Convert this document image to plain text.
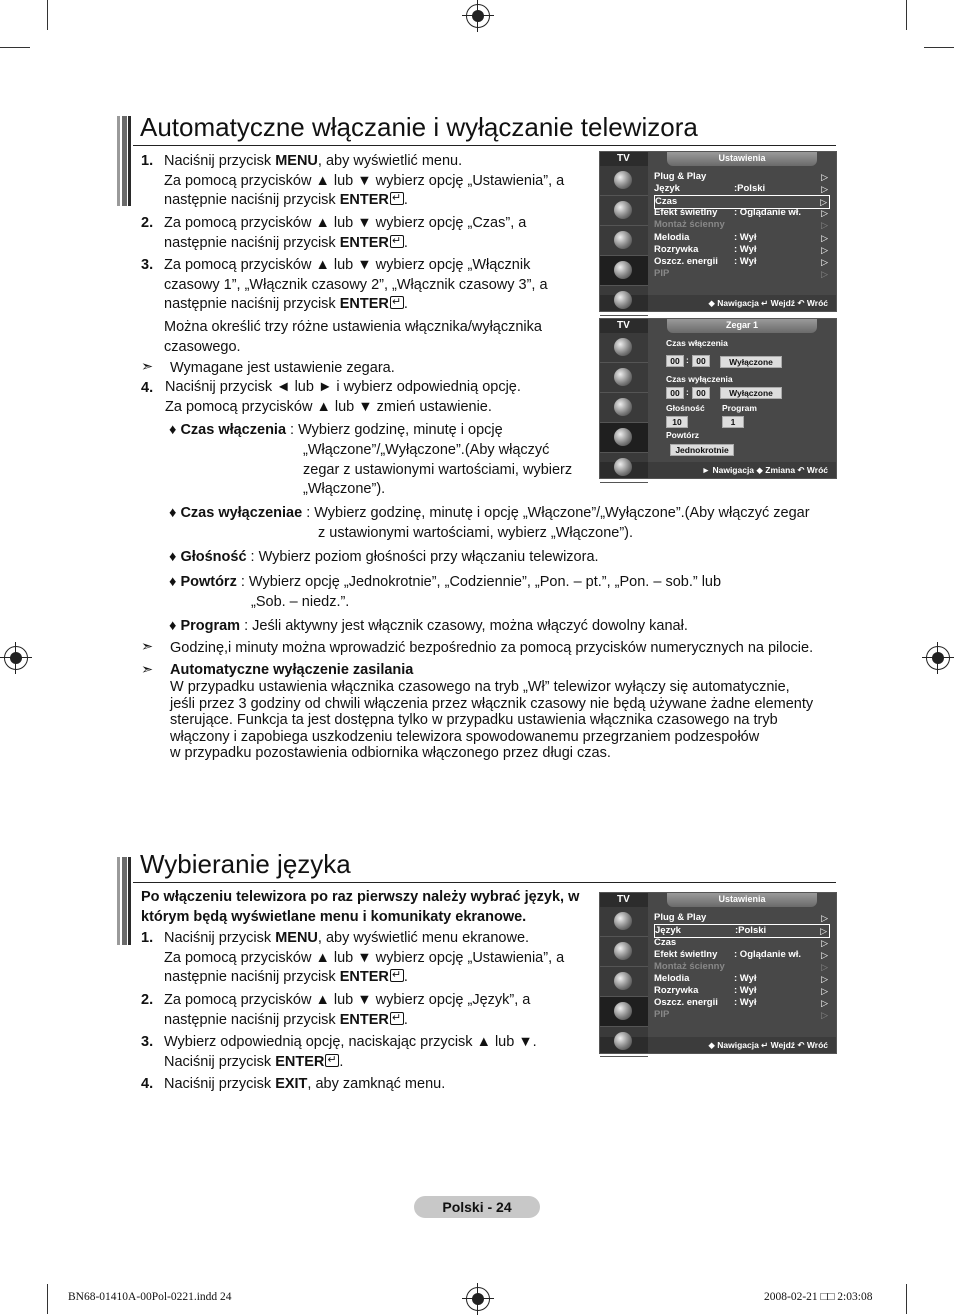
Automatyczne włączanie i wyłączanie telewizora
1. Naciśnij przycisk MENU, aby wyświetlić menu.
Za pomocą przycisków ▲ lub ▼ wybierz opcję „Ustawienia”, a
następnie naciśnij przycisk ENTER ↵ .
2. Za pomocą przycisków ▲ lub ▼ wybierz opcję „Czas”, a
następnie naciśnij przycisk ENTER ↵ .
3. Za pomocą przycisków ▲ lub ▼ wybierz opcję „Włącznik
czasowy 1”, „Włącznik czasowy 2”, „Włącznik czasowy 3”, a
następnie naciśnij przycisk ENTER ↵ .
Można określić trzy różne ustawienia włącznika/wyłącznika
czasowego.
➣ Wymagane jest ustawienie zegara.
4. Naciśnij przycisk ◄ lub ► i wybierz odpowiednią opcję.
Za pomocą przycisków ▲ lub ▼ zmień ustawienie.
♦ Czas włączenia : Wybierz godzinę, minutę i opcję
„Włączone”/„Wyłączone”.(Aby włączyć
zegar z ustawionymi wartościami, wybierz
„Włączone”).
♦ Czas wyłączeniae : Wybierz godzinę, minutę i opcję „Włączone”/„Wyłączone”.(Aby włączyć zegar
z ustawionymi wartościami, wybierz „Włączone”).
♦ Głośność : Wybierz poziom głośności przy włączaniu telewizora.
♦ Powtórz : Wybierz opcję „Jednokrotnie”, „Codziennie”, „Pon. – pt.”, „Pon. – sob.” lub
„Sob. – niedz.”.
♦ Program : Jeśli aktywny jest włącznik czasowy, można włączyć dowolny kanał.
➣ Godzinę,i minuty można wprowadzić bezpośrednio za pomocą przycisków numerycznych na pilocie.
➣ Automatyczne wyłączenie zasilania
W przypadku ustawienia włącznika czasowego na tryb „Wł” telewizor wyłączy się automatycznie,
jeśli przez 3 godziny od chwili włączenia przez włącznik czasowy nie będą używane żadne elementy
sterujące. Funkcja ta jest dostępna tylko w przypadku ustawienia włącznika czasowego na tryb
włączony i zapobiega uszkodzeniu telewizora spowodowanemu przegrzaniem podzespołów
w przypadku pozostawienia odbiornika włączonego przez długi czas.
TV	Ustawienia
Plug & Play	▷
Język	:Polski	▷
Czas	▷
Efekt świetlny : Oglądanie wł. ▷
Montaż ścienny	▷
Melodia	: Wył	▷
Rozrywka	: Wył	▷
Oszcz. energii : Wył	▷
PIP	▷
◆ Nawigacja ↵ Wejdź ↶ Wróć
TV	Zegar 1
Czas włączenia
00 : 00	Wyłączone
Czas wyłączenia
00 : 00	Wyłączone
Głośność Program
10	1
Powtórz
Jednokrotnie
► Nawigacja ◆ Zmiana ↶ Wróć
Wybieranie języka
Po włączeniu telewizora po raz pierwszy należy wybrać język, w
którym będą wyświetlane menu i komunikaty ekranowe.
1. Naciśnij przycisk MENU, aby wyświetlić menu ekranowe.
Za pomocą przycisków ▲ lub ▼ wybierz opcję „Ustawienia”, a
następnie naciśnij przycisk ENTER ↵ .
2. Za pomocą przycisków ▲ lub ▼ wybierz opcję „Język”, a
następnie naciśnij przycisk ENTER ↵ .
3. Wybierz odpowiednią opcję, naciskając przycisk ▲ lub ▼.
Naciśnij przycisk ENTER ↵ .
4. Naciśnij przycisk EXIT, aby zamknąć menu.
TV	Ustawienia
Plug & Play	▷
Język	:Polski	▷
Czas	▷
Efekt świetlny : Oglądanie wł. ▷
Montaż ścienny	▷
Melodia	: Wył	▷
Rozrywka	: Wył	▷
Oszcz. energii : Wył	▷
PIP	▷
◆ Nawigacja ↵ Wejdź ↶ Wróć
Polski - 24
BN68-01410A-00Pol-0221.indd 24	2008-02-21 □□ 2:03:08
